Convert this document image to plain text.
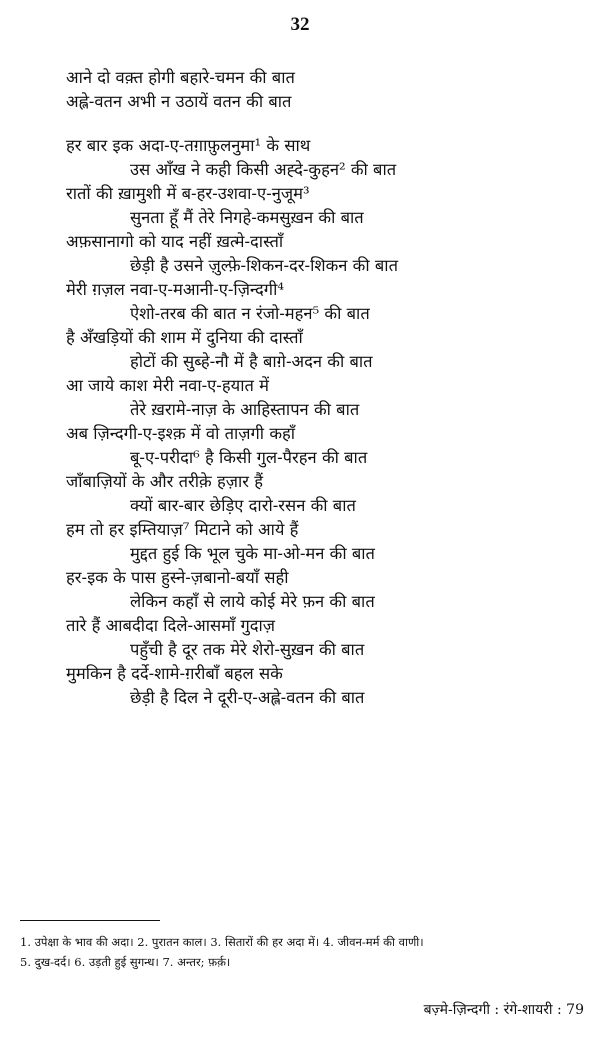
32
आने दो वक़्त होगी बहारे-चमन की बात
अह्ले-वतन अभी न उठायें वतन की बात
हर बार इक अदा-ए-तग़ाफ़ुलनुमा¹ के साथ
उस आँख ने कही किसी अह्दे-कुहन² की बात
रातों की ख़ामुशी में ब-हर-उशवा-ए-नुजूम³
सुनता हूँ मैं तेरे निगहे-कमसुख़न की बात
अफ़सानागो को याद नहीं ख़त्मे-दास्ताँ
छेड़ी है उसने ज़ुल्फ़े-शिकन-दर-शिकन की बात
मेरी ग़ज़ल नवा-ए-मआनी-ए-ज़िन्दगी⁴
ऐशो-तरब की बात न रंजो-महन⁵ की बात
है अँखड़ियों की शाम में दुनिया की दास्ताँ
होटों की सुब्हे-नौ में है बाग़े-अदन की बात
आ जाये काश मेरी नवा-ए-हयात में
तेरे ख़रामे-नाज़ के आहिस्तापन की बात
अब ज़िन्दगी-ए-इश्क़ में वो ताज़गी कहाँ
बू-ए-परीदा⁶ है किसी गुल-पैरहन की बात
जाँबाज़ियों के और तरीक़े हज़ार हैं
क्यों बार-बार छेड़िए दारो-रसन की बात
हम तो हर इम्तियाज़⁷ मिटाने को आये हैं
मुद्दत हुई कि भूल चुके मा-ओ-मन की बात
हर-इक के पास हुस्ने-ज़बानो-बयाँ सही
लेकिन कहाँ से लाये कोई मेरे फ़न की बात
तारे हैं आबदीदा दिले-आसमाँ गुदाज़
पहुँची है दूर तक मेरे शेरो-सुख़न की बात
मुमकिन है दर्दे-शामे-ग़रीबाँ बहल सके
छेड़ी है दिल ने दूरी-ए-अह्ले-वतन की बात
1. उपेक्षा के भाव की अदा। 2. पुरातन काल। 3. सितारों की हर अदा में। 4. जीवन-मर्म की वाणी।
5. दुख-दर्द। 6. उड़ती हुई सुगन्ध। 7. अन्तर; फ़र्क़।
बज़्मे-ज़िन्दगी : रंगे-शायरी : 79
